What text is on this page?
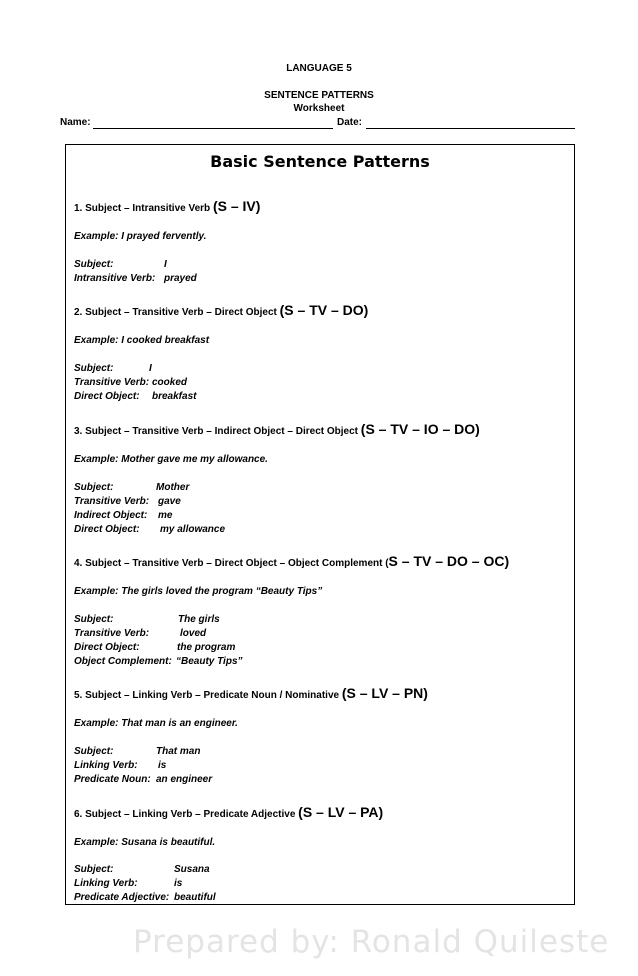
LANGUAGE 5
SENTENCE PATTERNS
Worksheet
Name:	Date:
Basic Sentence Patterns
1. Subject – Intransitive Verb (S – IV)
Example: I prayed fervently.
Subject:	I
Intransitive Verb: prayed
2. Subject – Transitive Verb – Direct Object (S – TV – DO)
Example: I cooked breakfast
Subject:	I
Transitive Verb: cooked
Direct Object: breakfast
3. Subject – Transitive Verb – Indirect Object – Direct Object (S – TV – IO – DO)
Example: Mother gave me my allowance.
Subject:	Mother
Transitive Verb: gave
Indirect Object: me
Direct Object: my allowance
4. Subject – Transitive Verb – Direct Object – Object Complement (S – TV – DO – OC)
Example: The girls loved the program “Beauty Tips”
Subject:	The girls
Transitive Verb:	loved
Direct Object:	the program
Object Complement: “Beauty Tips”
5. Subject – Linking Verb – Predicate Noun / Nominative (S – LV – PN)
Example: That man is an engineer.
Subject:	That man
Linking Verb: is
Predicate Noun: an engineer
6. Subject – Linking Verb – Predicate Adjective (S – LV – PA)
Example: Susana is beautiful.
Subject:	Susana
Linking Verb:	is
Predicate Adjective: beautiful
Prepared by: Ronald Quileste
